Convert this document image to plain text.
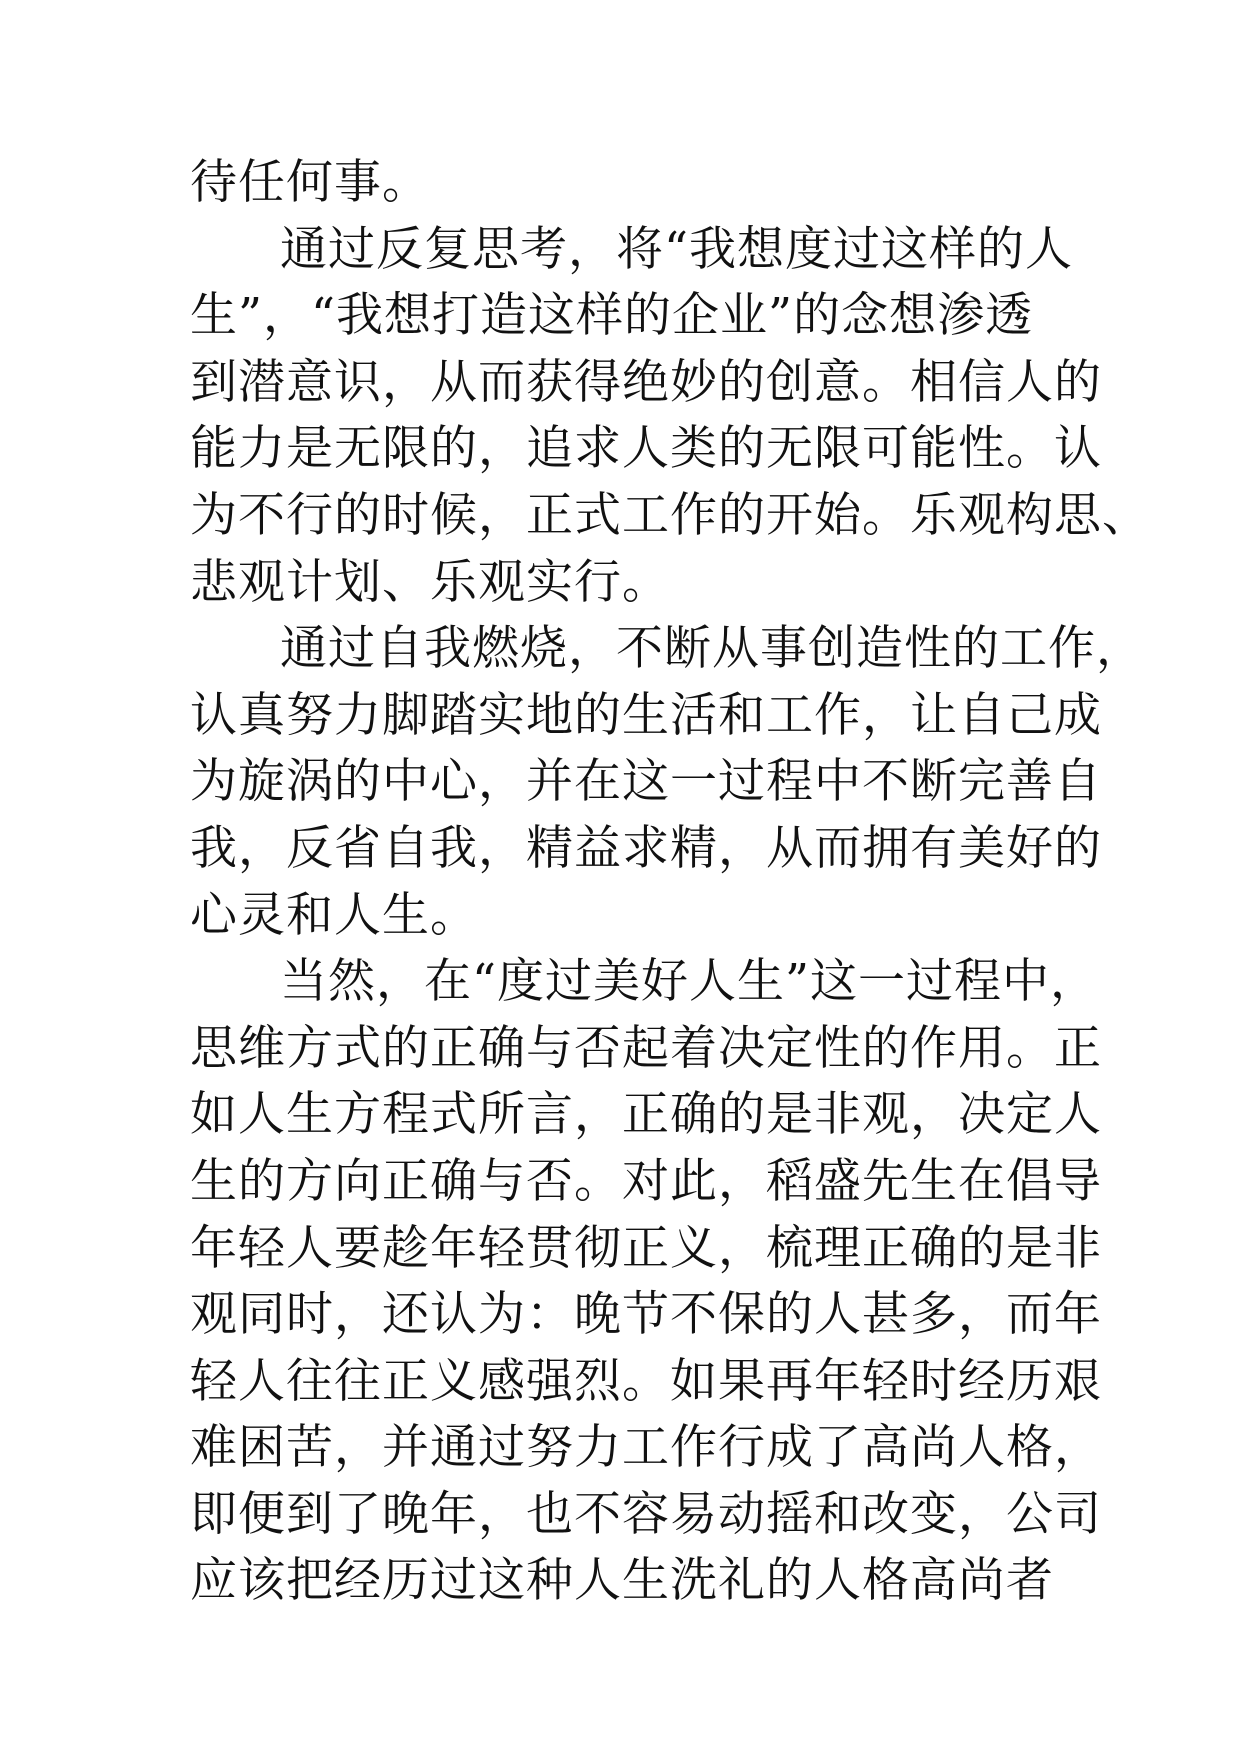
待任何事。
通过反复思考，将“我想度过这样的人
生”，“我想打造这样的企业”的念想渗透
到潜意识，从而获得绝妙的创意。相信人的
能力是无限的，追求人类的无限可能性。认
为不行的时候，正式工作的开始。乐观构思、
悲观计划、乐观实行。
通过自我燃烧，不断从事创造性的工作，
认真努力脚踏实地的生活和工作，让自己成
为旋涡的中心，并在这一过程中不断完善自
我，反省自我，精益求精，从而拥有美好的
心灵和人生。
当然，在“度过美好人生”这一过程中，
思维方式的正确与否起着决定性的作用。正
如人生方程式所言，正确的是非观，决定人
生的方向正确与否。对此，稻盛先生在倡导
年轻人要趁年轻贯彻正义，梳理正确的是非
观同时，还认为：晚节不保的人甚多，而年
轻人往往正义感强烈。如果再年轻时经历艰
难困苦，并通过努力工作行成了高尚人格，
即便到了晚年，也不容易动摇和改变，公司
应该把经历过这种人生洗礼的人格高尚者
